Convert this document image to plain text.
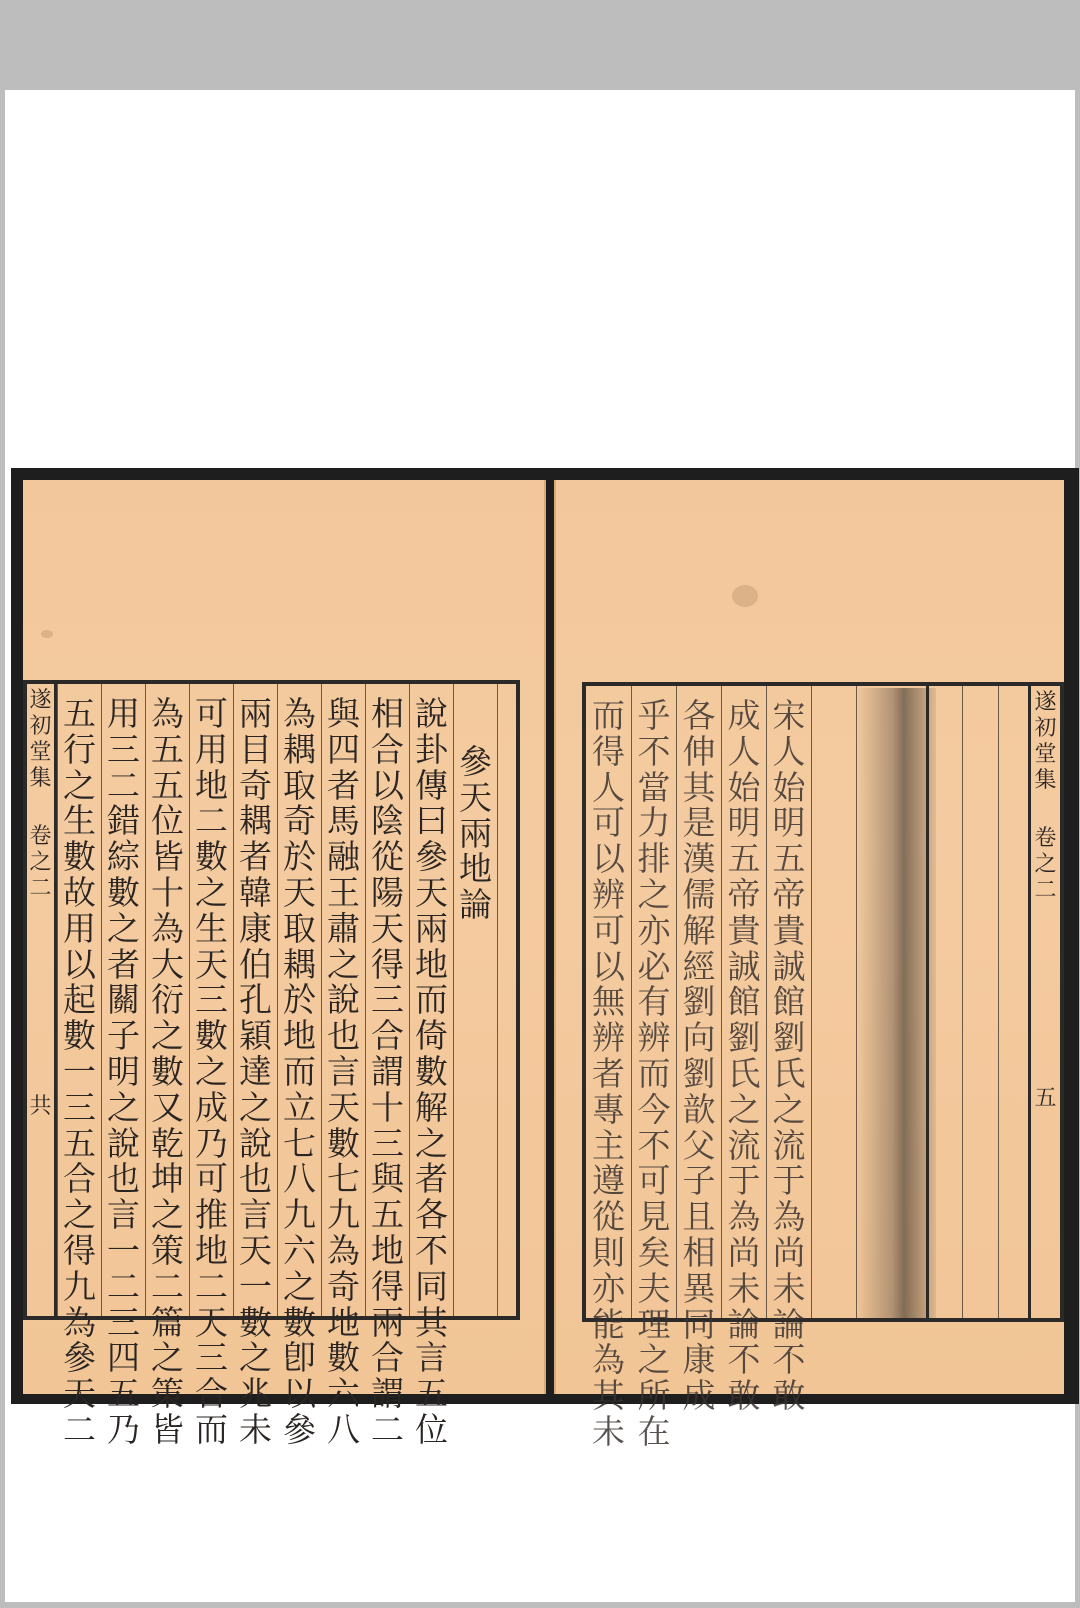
遂初堂集
卷之二
共
五行之生數故用以起數一三五合之得九為參天二
用三二錯綜數之者關子明之說也言一二三四五乃
為五五位皆十為大衍之數又乾坤之策二篇之策皆
可用地二數之生天三數之成乃可推地二天三合而
兩目奇耦者韓康伯孔穎達之說也言天一數之兆未
為耦取奇於天取耦於地而立七八九六之數卽以參
與四者馬融王肅之說也言天數七九為奇地數六八
相合以陰從陽天得三合謂十三與五地得兩合謂二
說卦傳曰參天兩地而倚數解之者各不同其言五位
參天兩地論
而得人可以辨可以無辨者專主遵從則亦能為其未
乎不當力排之亦必有辨而今不可見矣夫理之所在
各伸其是漢儒解經劉向劉歆父子且相異同康成
成人始明五帝貴誠館劉氏之流于為尚未論不敢
宋人始明五帝貴誠館劉氏之流于為尚未論不敢
遂初堂集
卷之二
五
